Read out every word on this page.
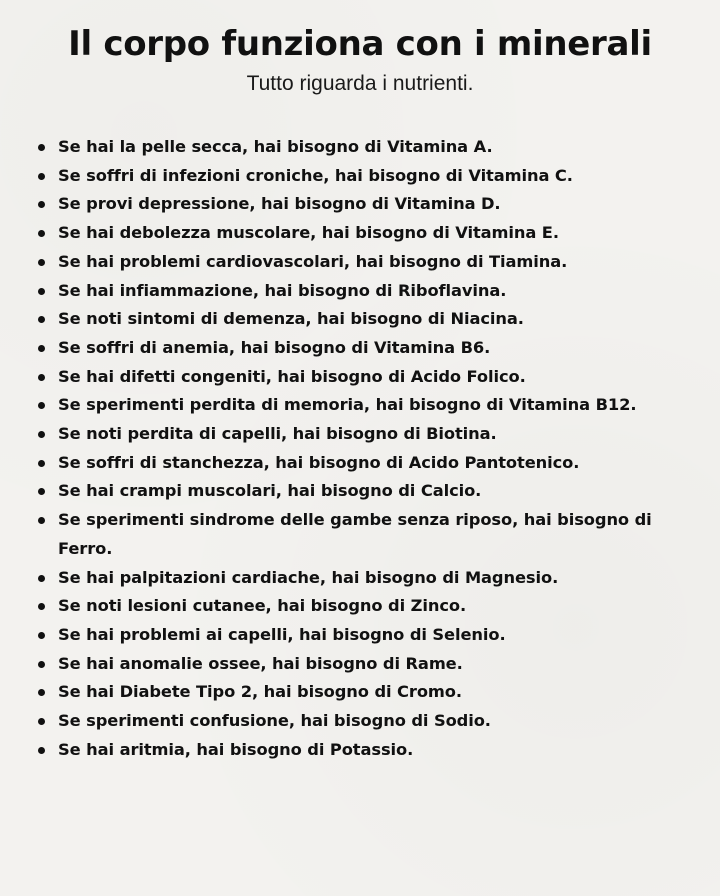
Il corpo funziona con i minerali
Tutto riguarda i nutrienti.
Se hai la pelle secca, hai bisogno di Vitamina A.
Se soffri di infezioni croniche, hai bisogno di Vitamina C.
Se provi depressione, hai bisogno di Vitamina D.
Se hai debolezza muscolare, hai bisogno di Vitamina E.
Se hai problemi cardiovascolari, hai bisogno di Tiamina.
Se hai infiammazione, hai bisogno di Riboflavina.
Se noti sintomi di demenza, hai bisogno di Niacina.
Se soffri di anemia, hai bisogno di Vitamina B6.
Se hai difetti congeniti, hai bisogno di Acido Folico.
Se sperimenti perdita di memoria, hai bisogno di Vitamina B12.
Se noti perdita di capelli, hai bisogno di Biotina.
Se soffri di stanchezza, hai bisogno di Acido Pantotenico.
Se hai crampi muscolari, hai bisogno di Calcio.
Se sperimenti sindrome delle gambe senza riposo, hai bisogno di Ferro.
Se hai palpitazioni cardiache, hai bisogno di Magnesio.
Se noti lesioni cutanee, hai bisogno di Zinco.
Se hai problemi ai capelli, hai bisogno di Selenio.
Se hai anomalie ossee, hai bisogno di Rame.
Se hai Diabete Tipo 2, hai bisogno di Cromo.
Se sperimenti confusione, hai bisogno di Sodio.
Se hai aritmia, hai bisogno di Potassio.
